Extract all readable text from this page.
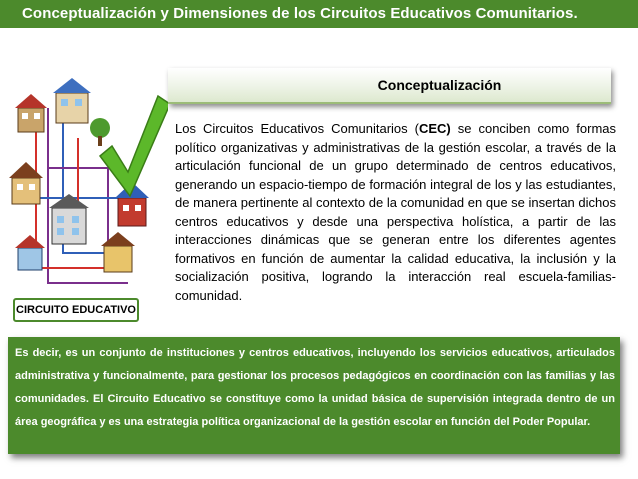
Conceptualización y Dimensiones de los Circuitos Educativos Comunitarios.
Conceptualización
CIRCUITO EDUCATIVO
Los Circuitos Educativos Comunitarios (CEC) se conciben como formas político organizativas y administrativas de la gestión escolar, a través de la articulación funcional de un grupo determinado de centros educativos, generando un espacio-tiempo de formación integral de los y las estudiantes, de manera pertinente al contexto de la comunidad en que se insertan dichos centros educativos y desde una perspectiva holística, a partir de las interacciones dinámicas que se generan entre los diferentes agentes formativos en función de aumentar la calidad educativa, la inclusión y la socialización positiva, logrando la interacción real escuela-familias-comunidad.
Es decir, es un conjunto de instituciones y centros educativos, incluyendo los servicios educativos, articulados administrativa y funcionalmente, para gestionar los procesos pedagógicos en coordinación con las familias y las comunidades. El Circuito Educativo se constituye como la unidad básica de supervisión integrada dentro de un área geográfica y es una estrategia política organizacional de la gestión escolar en función del Poder Popular.
